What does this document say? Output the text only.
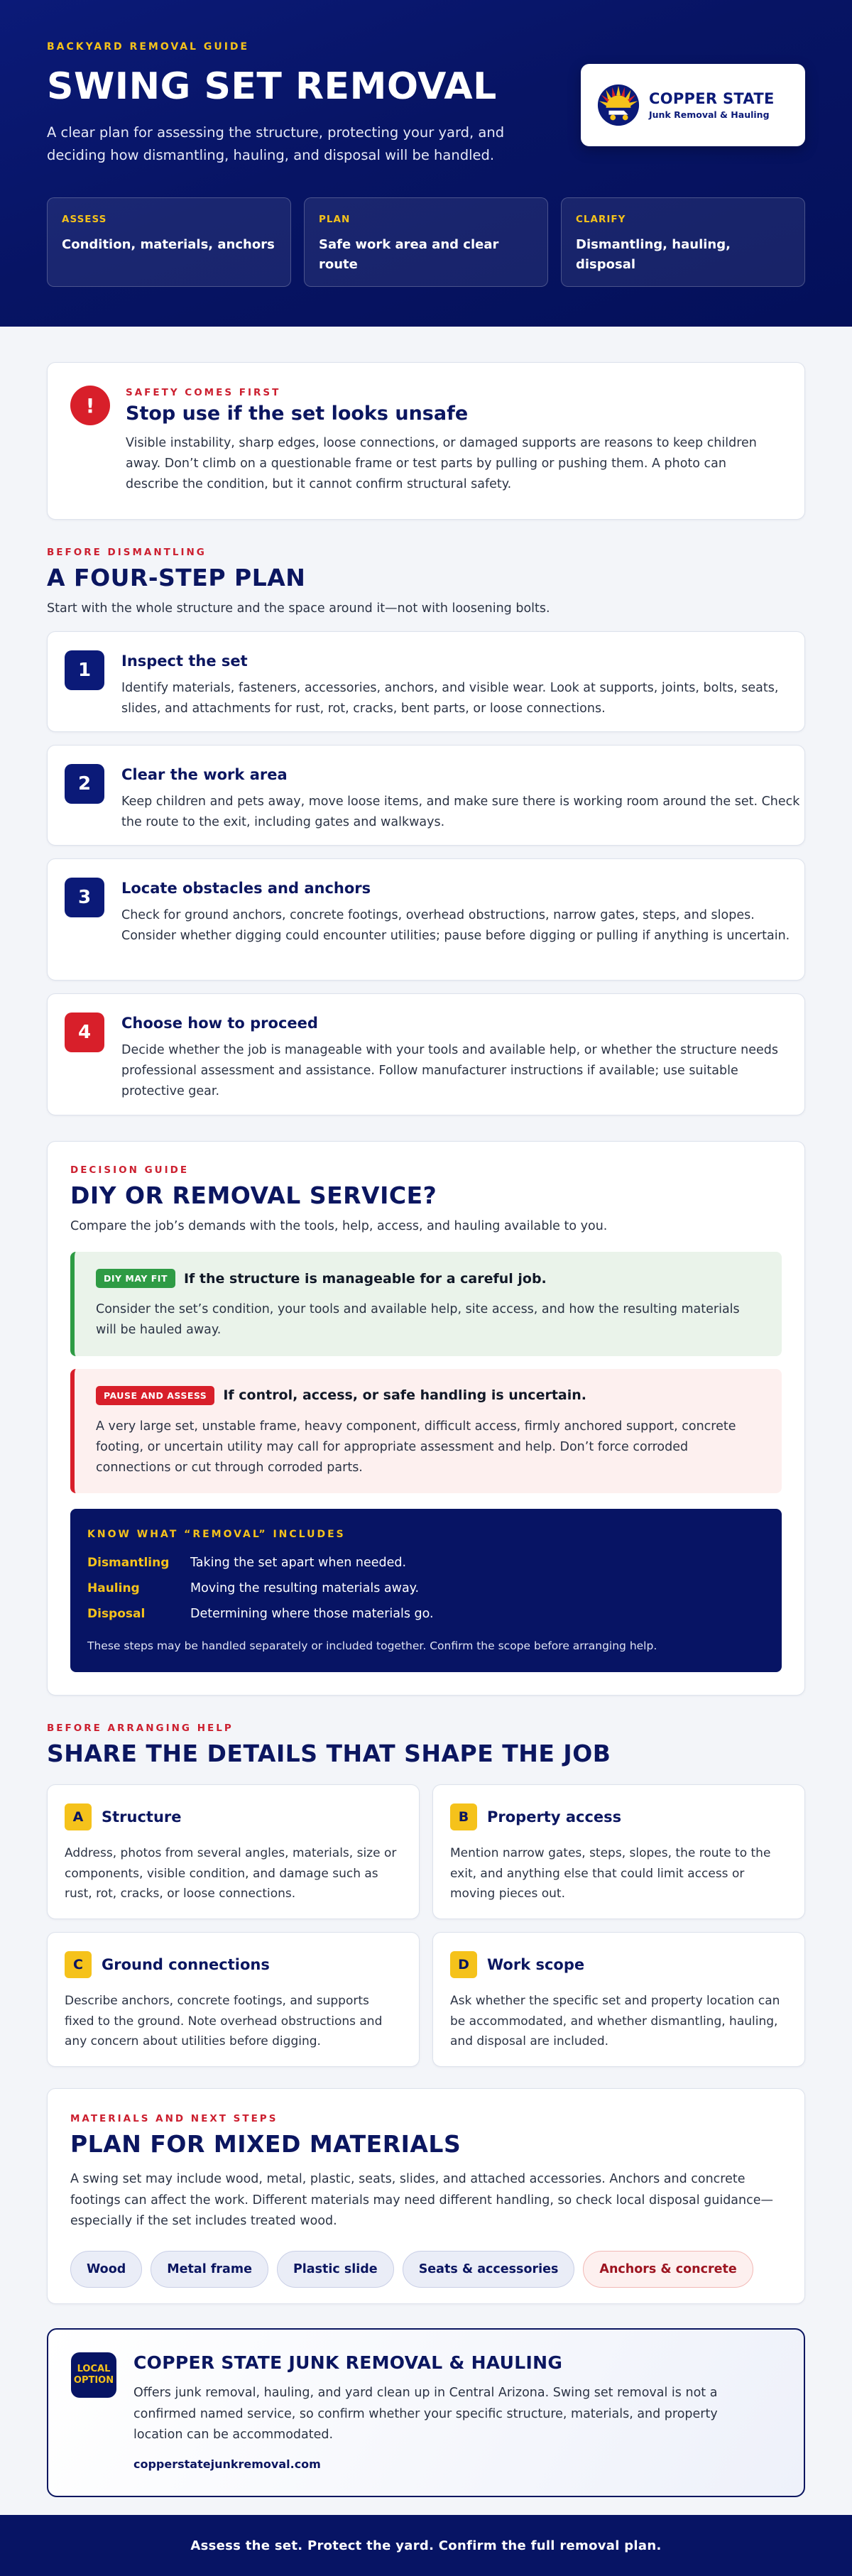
BACKYARD REMOVAL GUIDE
SWING SET REMOVAL

A clear plan for assessing the structure, protecting your yard, and deciding how dismantling, hauling, and disposal will be handled.

COPPER STATE
Junk Removal & Hauling
ASSESS
Condition, materials, anchors
PLAN
Safe work area and clear route
CLARIFY
Dismantling, hauling, disposal
!
SAFETY COMES FIRST
Stop use if the set looks unsafe

Visible instability, sharp edges, loose connections, or damaged supports are reasons to keep children away. Don’t climb on a questionable frame or test parts by pulling or pushing them. A photo can describe the condition, but it cannot confirm structural safety.

BEFORE DISMANTLING
A FOUR-STEP PLAN

Start with the whole structure and the space around it—not with loosening bolts.

1	Inspect the set
Identify materials, fasteners, accessories, anchors, and visible wear. Look at supports, joints, bolts, seats, slides, and attachments for rust, rot, cracks, bent parts, or loose connections.
2	Clear the work area
Keep children and pets away, move loose items, and make sure there is working room around the set. Check the route to the exit, including gates and walkways.
3	Locate obstacles and anchors
Check for ground anchors, concrete footings, overhead obstructions, narrow gates, steps, and slopes. Consider whether digging could encounter utilities; pause before digging or pulling if anything is uncertain.
4	Choose how to proceed
Decide whether the job is manageable with your tools and available help, or whether the structure needs professional assessment and assistance. Follow manufacturer instructions if available; use suitable protective gear.
DECISION GUIDE
DIY OR REMOVAL SERVICE?

Compare the job’s demands with the tools, help, access, and hauling available to you.

DIY MAY FIT	If the structure is manageable for a careful job.

Consider the set’s condition, your tools and available help, site access, and how the resulting materials will be hauled away.

PAUSE AND ASSESS	If control, access, or safe handling is uncertain.

A very large set, unstable frame, heavy component, difficult access, firmly anchored support, concrete footing, or uncertain utility may call for appropriate assessment and help. Don’t force corroded connections or cut through corroded parts.

KNOW WHAT “REMOVAL” INCLUDES
Dismantling	Taking the set apart when needed.
Hauling	Moving the resulting materials away.
Disposal	Determining where those materials go.

These steps may be handled separately or included together. Confirm the scope before arranging help.

BEFORE ARRANGING HELP
SHARE THE DETAILS THAT SHAPE THE JOB
A	Structure

Address, photos from several angles, materials, size or components, visible condition, and damage such as rust, rot, cracks, or loose connections.

B	Property access

Mention narrow gates, steps, slopes, the route to the exit, and anything else that could limit access or moving pieces out.

C	Ground connections

Describe anchors, concrete footings, and supports fixed to the ground. Note overhead obstructions and any concern about utilities before digging.

D	Work scope

Ask whether the specific set and property location can be accommodated, and whether dismantling, hauling, and disposal are included.

MATERIALS AND NEXT STEPS
PLAN FOR MIXED MATERIALS

A swing set may include wood, metal, plastic, seats, slides, and attached accessories. Anchors and concrete footings can affect the work. Different materials may need different handling, so check local disposal guidance—especially if the set includes treated wood.

Wood	Metal frame	Plastic slide	Seats & accessories	Anchors & concrete
LOCAL
OPTION
COPPER STATE JUNK REMOVAL & HAULING

Offers junk removal, hauling, and yard clean up in Central Arizona. Swing set removal is not a confirmed named service, so confirm whether your specific structure, materials, and property location can be accommodated.

copperstatejunkremoval.com
Assess the set. Protect the yard. Confirm the full removal plan.
